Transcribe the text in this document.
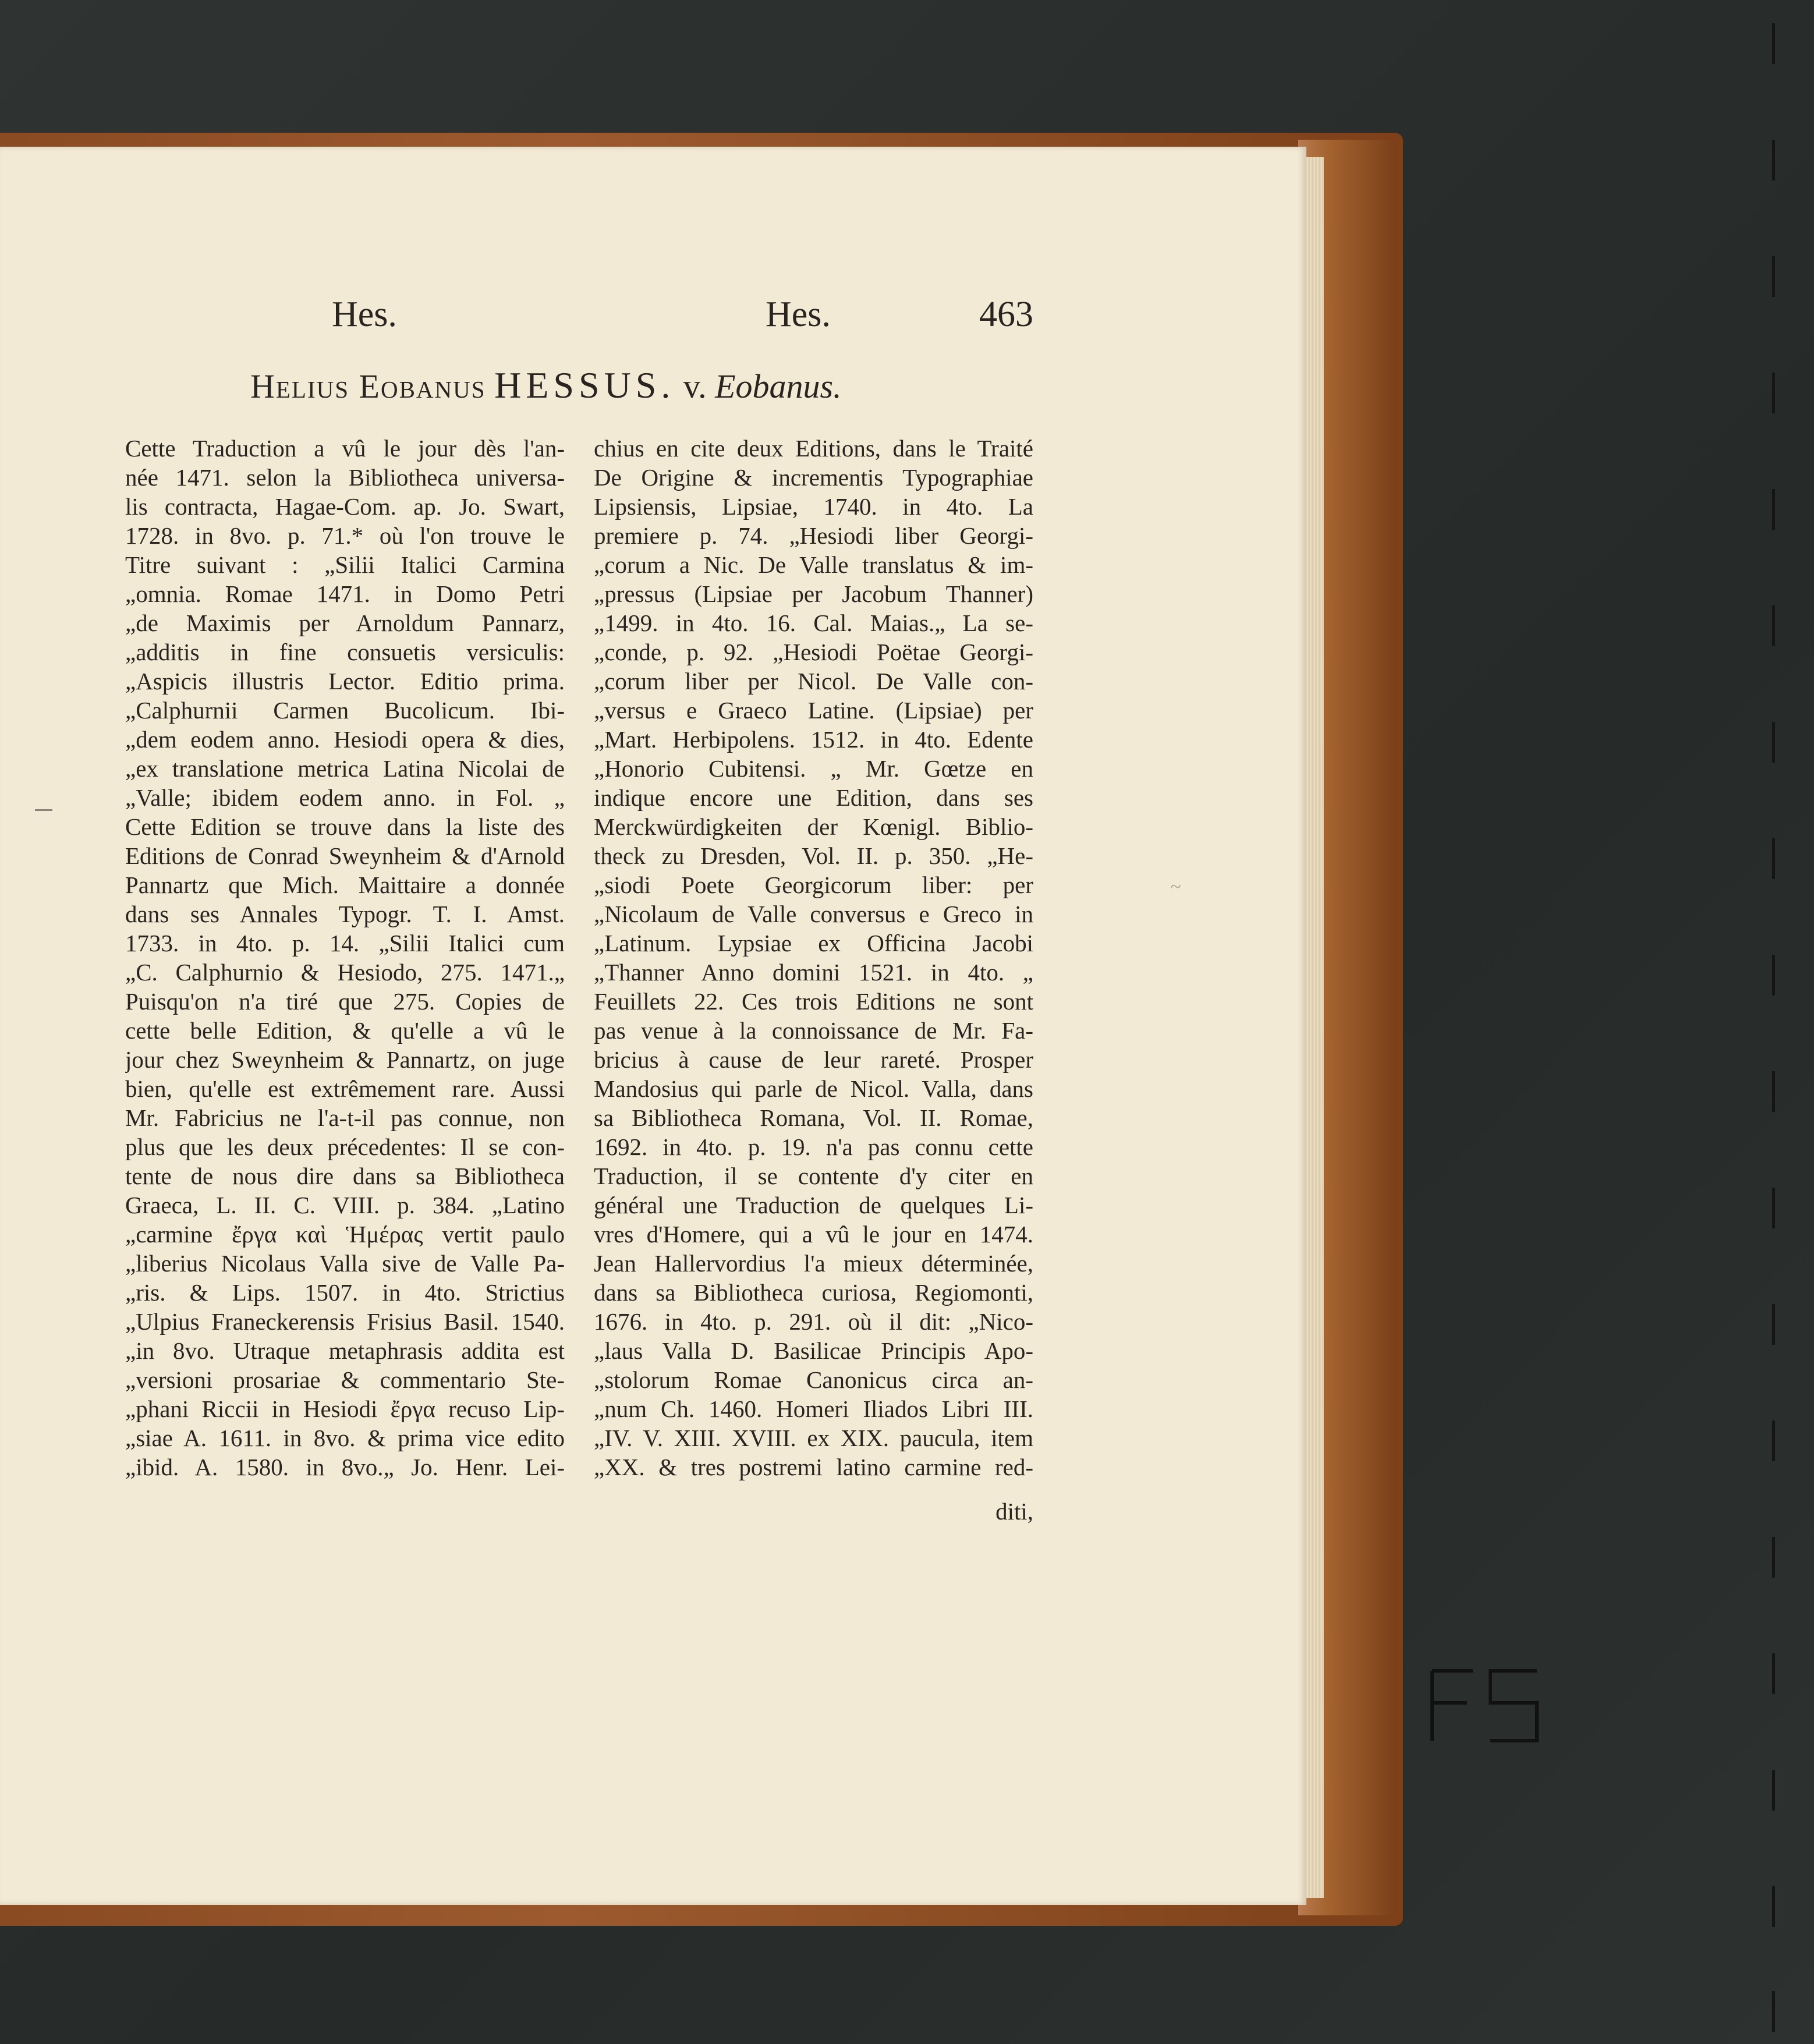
~
Hes.	Hes.	463
Helius Eobanus HESSUS. v. Eobanus.
Cette Traduction a vû le jour dès l'an-
née 1471. selon la Bibliotheca universa-
lis contracta, Hagae-Com. ap. Jo. Swart,
1728. in 8vo. p. 71.* où l'on trouve le
Titre suivant : „Silii Italici Carmina
„omnia. Romae 1471. in Domo Petri
„de Maximis per Arnoldum Pannarz,
„additis in fine consuetis versiculis:
„Aspicis illustris Lector. Editio prima.
„Calphurnii Carmen Bucolicum. Ibi-
„dem eodem anno. Hesiodi opera & dies,
„ex translatione metrica Latina Nicolai de
„Valle; ibidem eodem anno. in Fol. „
Cette Edition se trouve dans la liste des
Editions de Conrad Sweynheim & d'Arnold
Pannartz que Mich. Maittaire a donnée
dans ses Annales Typogr. T. I. Amst.
1733. in 4to. p. 14. „Silii Italici cum
„C. Calphurnio & Hesiodo, 275. 1471.„
Puisqu'on n'a tiré que 275. Copies de
cette belle Edition, & qu'elle a vû le
jour chez Sweynheim & Pannartz, on juge
bien, qu'elle est extrêmement rare. Aussi
Mr. Fabricius ne l'a-t-il pas connue, non
plus que les deux précedentes: Il se con-
tente de nous dire dans sa Bibliotheca
Graeca, L. II. C. VIII. p. 384. „Latino
„carmine ἔργα καὶ Ἡμέρας vertit paulo
„liberius Nicolaus Valla sive de Valle Pa-
„ris. & Lips. 1507. in 4to. Strictius
„Ulpius Franeckerensis Frisius Basil. 1540.
„in 8vo. Utraque metaphrasis addita est
„versioni prosariae & commentario Ste-
„phani Riccii in Hesiodi ἔργα recuso Lip-
„siae A. 1611. in 8vo. & prima vice edito
„ibid. A. 1580. in 8vo.„ Jo. Henr. Lei-
chius en cite deux Editions, dans le Traité
De Origine & incrementis Typographiae
Lipsiensis, Lipsiae, 1740. in 4to. La
premiere p. 74. „Hesiodi liber Georgi-
„corum a Nic. De Valle translatus & im-
„pressus (Lipsiae per Jacobum Thanner)
„1499. in 4to. 16. Cal. Maias.„ La se-
„conde, p. 92. „Hesiodi Poëtae Georgi-
„corum liber per Nicol. De Valle con-
„versus e Graeco Latine. (Lipsiae) per
„Mart. Herbipolens. 1512. in 4to. Edente
„Honorio Cubitensi. „ Mr. Gœtze en
indique encore une Edition, dans ses
Merckwürdigkeiten der Kœnigl. Biblio-
theck zu Dresden, Vol. II. p. 350. „He-
„siodi Poete Georgicorum liber: per
„Nicolaum de Valle conversus e Greco in
„Latinum. Lypsiae ex Officina Jacobi
„Thanner Anno domini 1521. in 4to. „
Feuillets 22. Ces trois Editions ne sont
pas venue à la connoissance de Mr. Fa-
bricius à cause de leur rareté. Prosper
Mandosius qui parle de Nicol. Valla, dans
sa Bibliotheca Romana, Vol. II. Romae,
1692. in 4to. p. 19. n'a pas connu cette
Traduction, il se contente d'y citer en
général une Traduction de quelques Li-
vres d'Homere, qui a vû le jour en 1474.
Jean Hallervordius l'a mieux déterminée,
dans sa Bibliotheca curiosa, Regiomonti,
1676. in 4to. p. 291. où il dit: „Nico-
„laus Valla D. Basilicae Principis Apo-
„stolorum Romae Canonicus circa an-
„num Ch. 1460. Homeri Iliados Libri III.
„IV. V. XIII. XVIII. ex XIX. paucula, item
„XX. & tres postremi latino carmine red-
diti,
